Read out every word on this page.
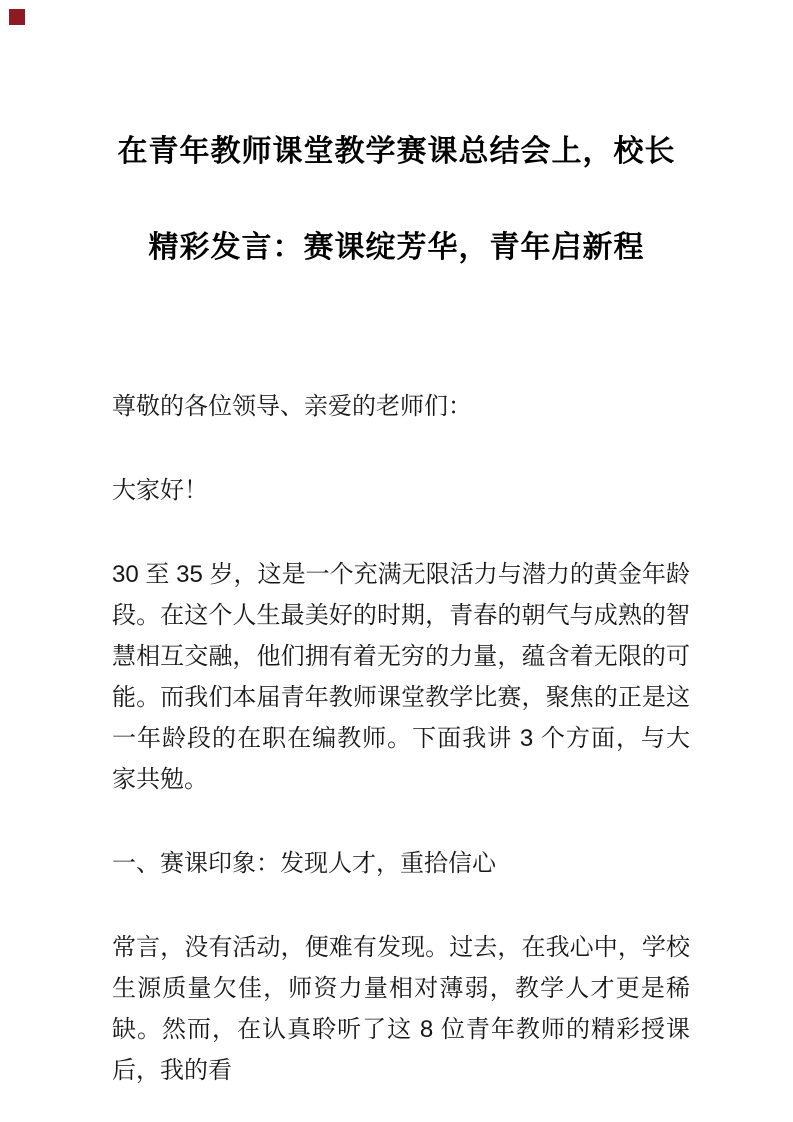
在青年教师课堂教学赛课总结会上，校长
精彩发言：赛课绽芳华，青年启新程

尊敬的各位领导、亲爱的老师们：

大家好！

30 至 35 岁，这是一个充满无限活力与潜力的黄金年龄段。在这个人生最美好的时期，青春的朝气与成熟的智慧相互交融，他们拥有着无穷的力量，蕴含着无限的可能。而我们本届青年教师课堂教学比赛，聚焦的正是这一年龄段的在职在编教师。下面我讲 3 个方面，与大家共勉。

一、赛课印象：发现人才，重拾信心

常言，没有活动，便难有发现。过去，在我心中，学校生源质量欠佳，师资力量相对薄弱，教学人才更是稀缺。然而，在认真聆听了这 8 位青年教师的精彩授课后，我的看
